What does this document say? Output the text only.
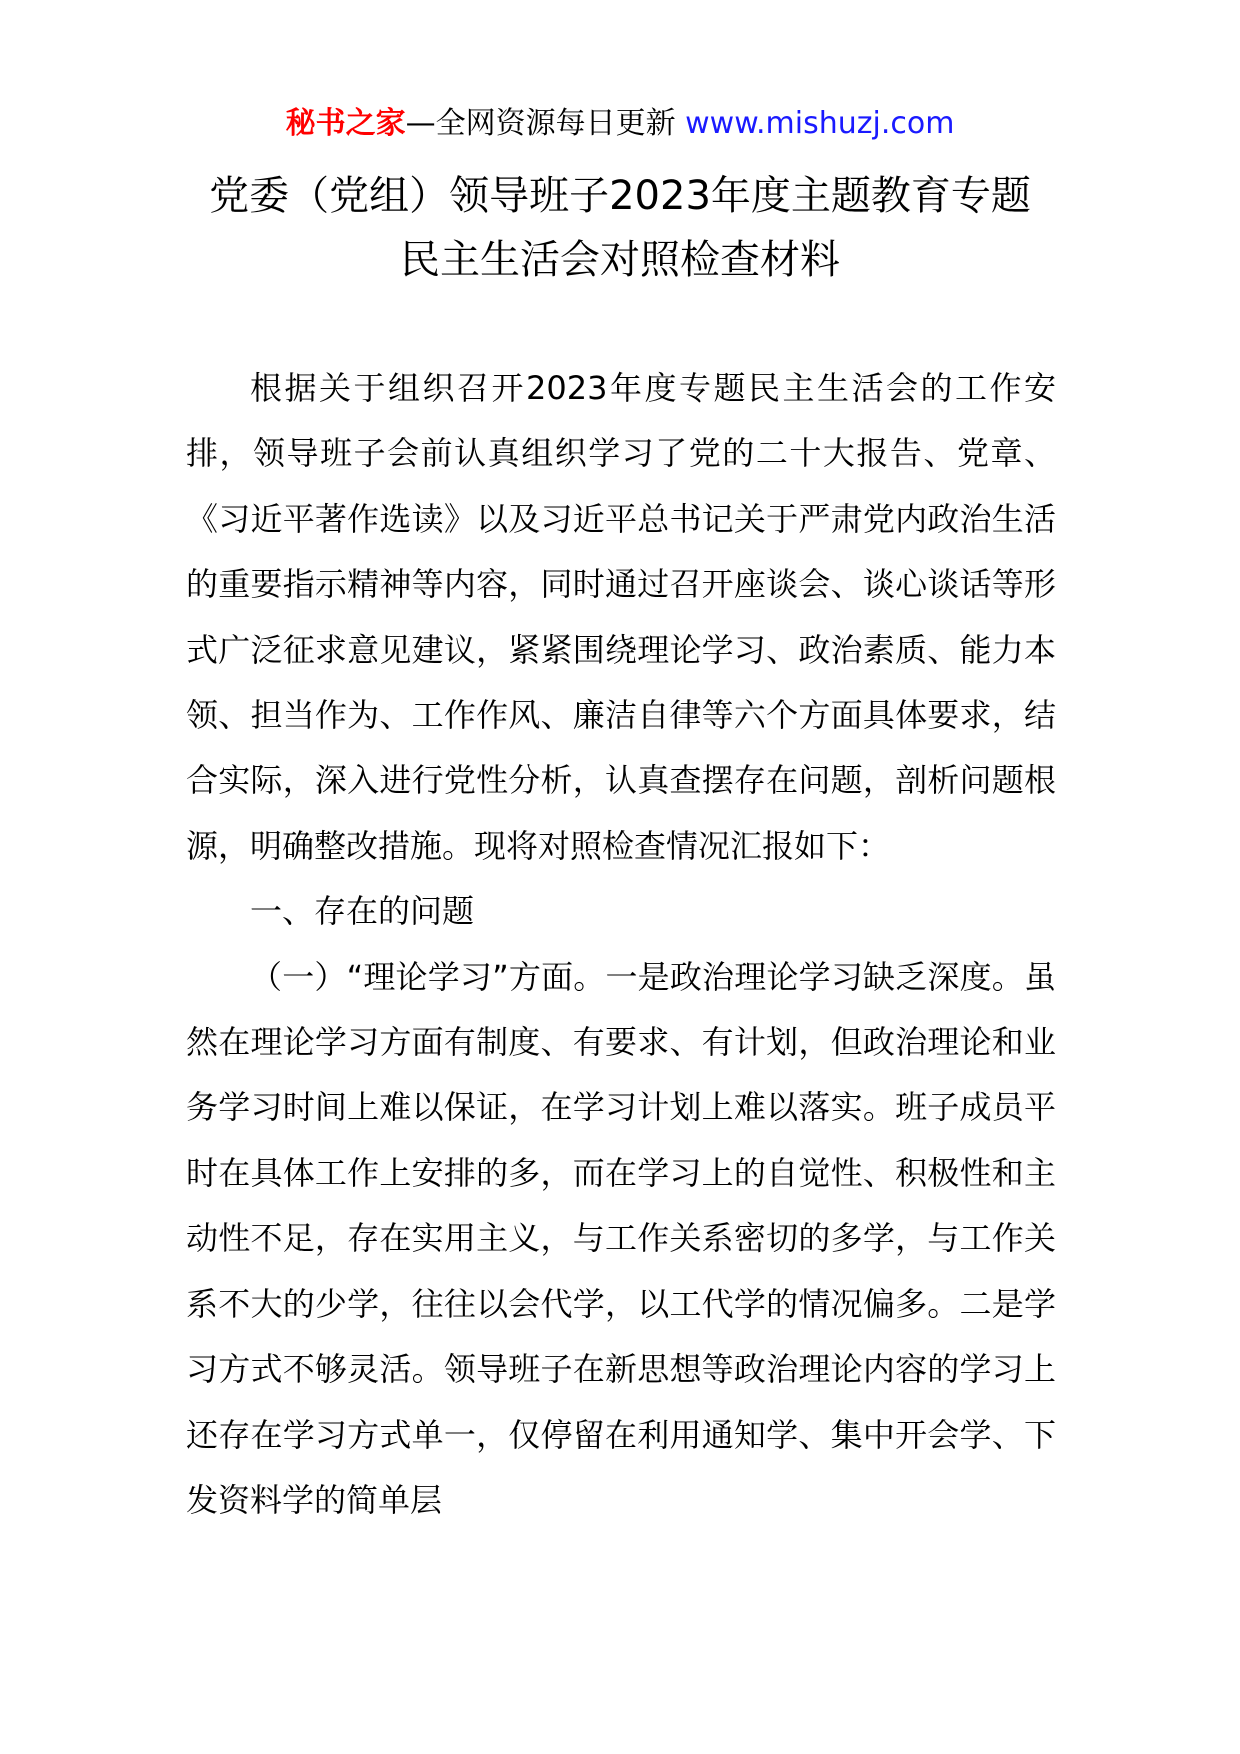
秘书之家—全网资源每日更新 www.mishuzj.com
党委（党组）领导班子2023年度主题教育专题
民主生活会对照检查材料

根据关于组织召开2023年度专题民主生活会的工作安排，领导班子会前认真组织学习了党的二十大报告、党章、《习近平著作选读》以及习近平总书记关于严肃党内政治生活的重要指示精神等内容，同时通过召开座谈会、谈心谈话等形式广泛征求意见建议，紧紧围绕理论学习、政治素质、能力本领、担当作为、工作作风、廉洁自律等六个方面具体要求，结合实际，深入进行党性分析，认真查摆存在问题，剖析问题根源，明确整改措施。现将对照检查情况汇报如下：

一、存在的问题

（一）“理论学习”方面。一是政治理论学习缺乏深度。虽然在理论学习方面有制度、有要求、有计划，但政治理论和业务学习时间上难以保证，在学习计划上难以落实。班子成员平时在具体工作上安排的多，而在学习上的自觉性、积极性和主动性不足，存在实用主义，与工作关系密切的多学，与工作关系不大的少学，往往以会代学，以工代学的情况偏多。二是学习方式不够灵活。领导班子在新思想等政治理论内容的学习上还存在学习方式单一，仅停留在利用通知学、集中开会学、下发资料学的简单层
